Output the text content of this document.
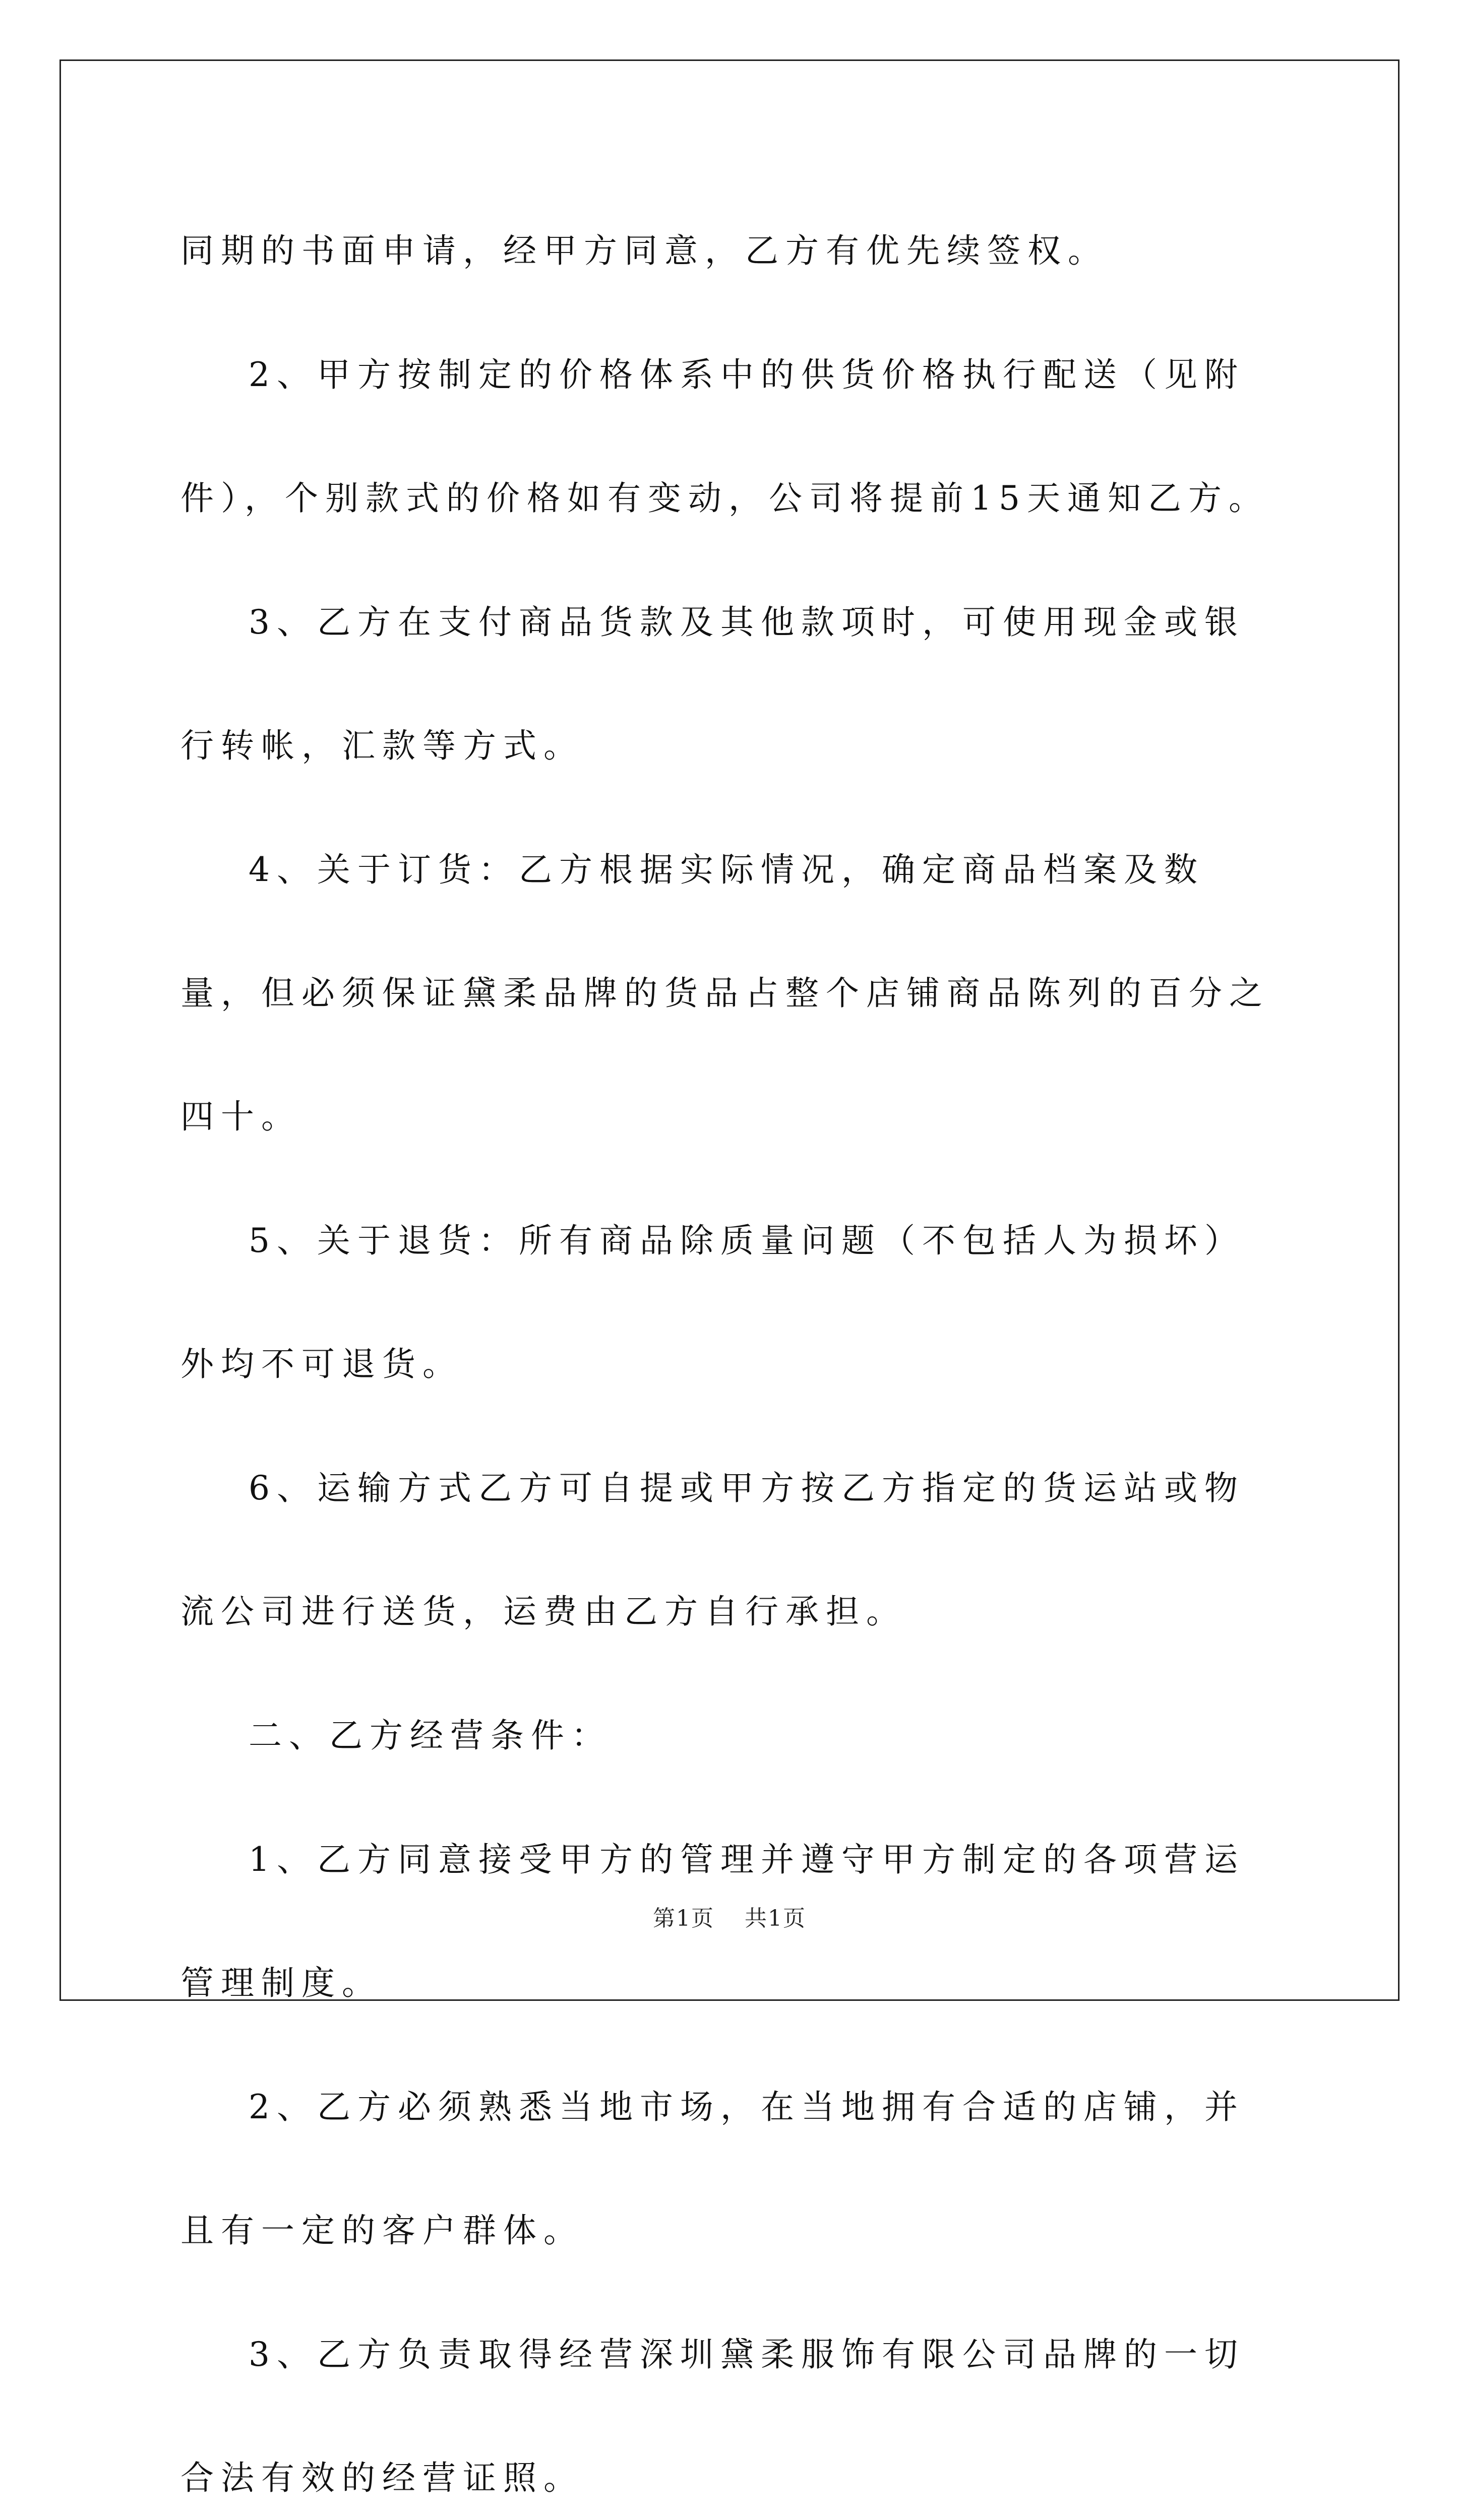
同期的书面申请，经甲方同意，乙方有优先续签权。

2、甲方按制定的价格体系中的供货价格执行配送（见附件），个别款式的价格如有变动，公司将提前15天通知乙方。

3、乙方在支付商品货款及其他款项时，可使用现金或银行转帐，汇款等方式。

4、关于订货：乙方根据实际情况，确定商品档案及数量，但必须保证黛柔品牌的货品占整个店铺商品陈列的百分之四十。

5、关于退货：所有商品除质量问题（不包括人为损坏）外均不可退货。

6、运输方式乙方可自提或甲方按乙方指定的货运站或物流公司进行送货，运费由乙方自行承担。

二、乙方经营条件：

1、乙方同意接受甲方的管理并遵守甲方制定的各项营运管理制度。

2、乙方必须熟悉当地市场，在当地拥有合适的店铺，并且有一定的客户群体。

3、乙方负责取得经营深圳黛柔服饰有限公司品牌的一切合法有效的经营证照。

第1页 共1页
